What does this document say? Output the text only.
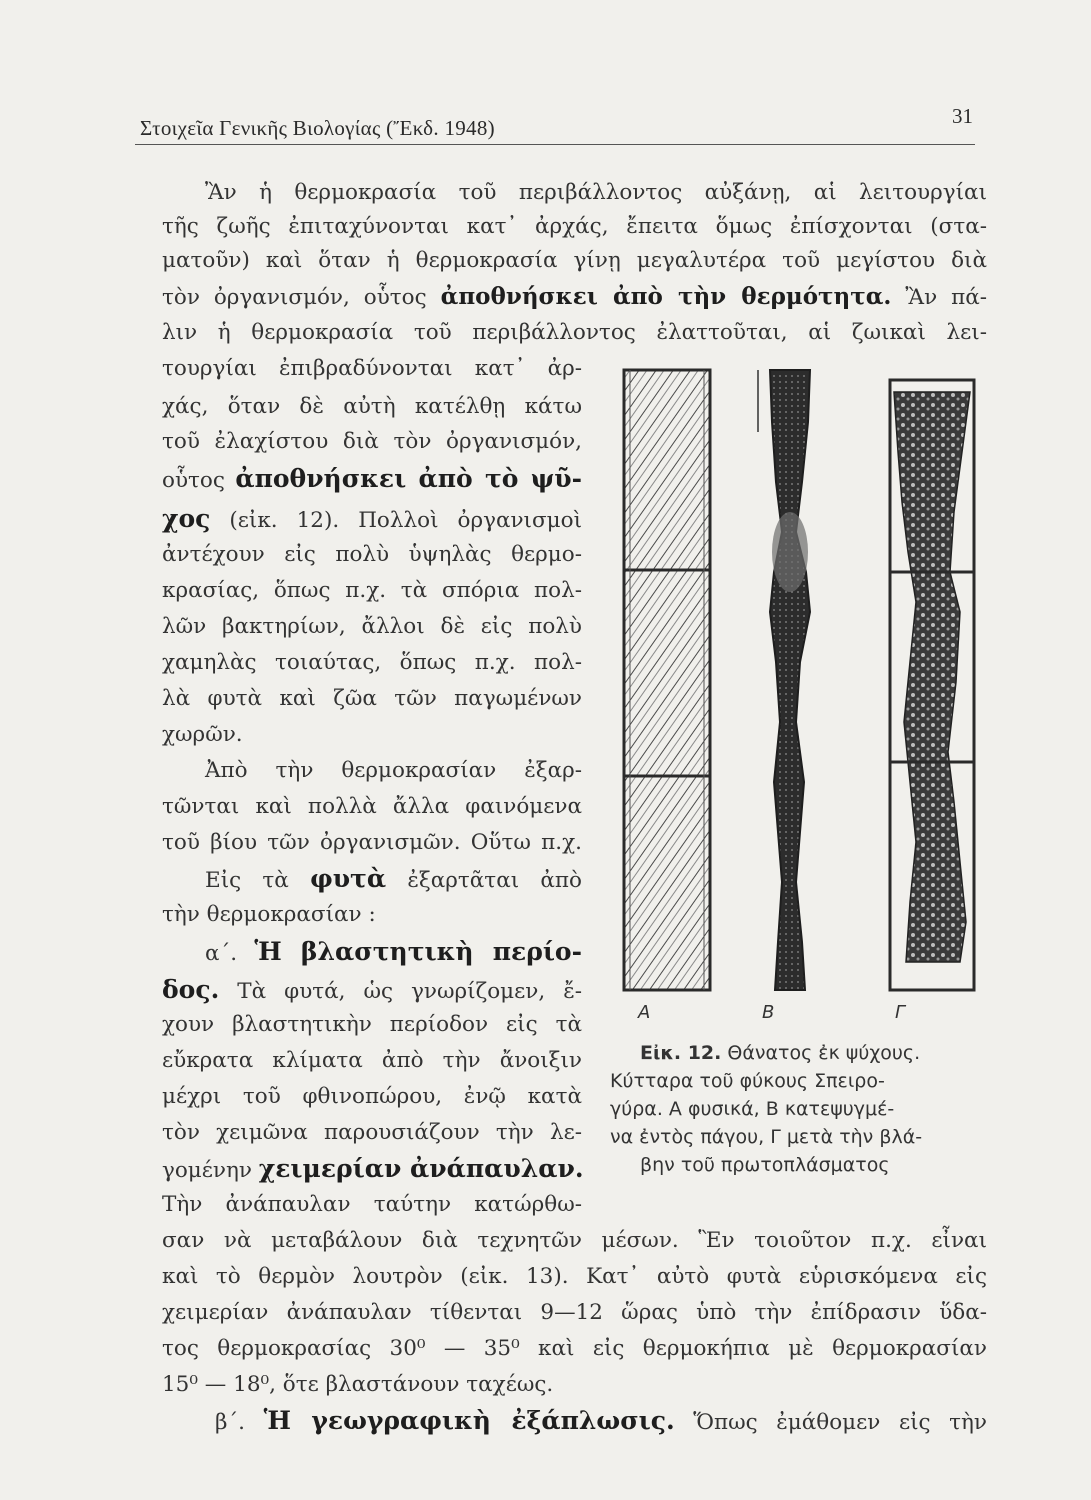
Στοιχεῖα Γενικῆς Βιολογίας (Ἔκδ. 1948)	31
Ἂν ἡ θερμοκρασία τοῦ περιβάλλοντος αὐξάνῃ, αἱ λειτουργίαι
τῆς ζωῆς ἐπιταχύνονται κατ᾽ ἀρχάς, ἔπειτα ὅμως ἐπίσχονται (στα-
ματοῦν) καὶ ὅταν ἡ θερμοκρασία γίνῃ μεγαλυτέρα τοῦ μεγίστου διὰ
τὸν ὀργανισμόν, οὗτος ἀποθνήσκει ἀπὸ τὴν θερμότητα. Ἂν πά-
λιν ἡ θερμοκρασία τοῦ περιβάλλοντος ἐλαττοῦται, αἱ ζωικαὶ λει-
τουργίαι ἐπιβραδύνονται κατ᾽ ἀρ-
χάς, ὅταν δὲ αὐτὴ κατέλθῃ κάτω
τοῦ ἐλαχίστου διὰ τὸν ὀργανισμόν,
οὗτος ἀποθνήσκει ἀπὸ τὸ ψῦ-
χος (εἰκ. 12). Πολλοὶ ὀργανισμοὶ
ἀντέχουν εἰς πολὺ ὑψηλὰς θερμο-
κρασίας, ὅπως π.χ. τὰ σπόρια πολ-
λῶν βακτηρίων, ἄλλοι δὲ εἰς πολὺ
χαμηλὰς τοιαύτας, ὅπως π.χ. πολ-
λὰ φυτὰ καὶ ζῶα τῶν παγωμένων
χωρῶν.
Ἀπὸ τὴν θερμοκρασίαν ἐξαρ-
τῶνται καὶ πολλὰ ἄλλα φαινόμενα
τοῦ βίου τῶν ὀργανισμῶν. Οὕτω π.χ.
Εἰς τὰ φυτὰ ἐξαρτᾶται ἀπὸ
τὴν θερμοκρασίαν :
α΄. Ἡ βλαστητικὴ περίο-
δος. Τὰ φυτά, ὡς γνωρίζομεν, ἔ-
χουν βλαστητικὴν περίοδον εἰς τὰ
εὔκρατα κλίματα ἀπὸ τὴν ἄνοιξιν
μέχρι τοῦ φθινοπώρου, ἐνῷ κατὰ
τὸν χειμῶνα παρουσιάζουν τὴν λε-
γομένην χειμερίαν ἀνάπαυλαν.
Τὴν ἀνάπαυλαν ταύτην κατώρθω-
σαν νὰ μεταβάλουν διὰ τεχνητῶν μέσων. Ἓν τοιοῦτον π.χ. εἶναι
καὶ τὸ θερμὸν λουτρὸν (εἰκ. 13). Κατ᾽ αὐτὸ φυτὰ εὑρισκόμενα εἰς
χειμερίαν ἀνάπαυλαν τίθενται 9—12 ὥρας ὑπὸ τὴν ἐπίδρασιν ὕδα-
τος θερμοκρασίας 30⁰ — 35⁰ καὶ εἰς θερμοκήπια μὲ θερμοκρασίαν
15⁰ — 18⁰, ὅτε βλαστάνουν ταχέως.
β΄. Ἡ γεωγραφικὴ ἐξάπλωσις. Ὅπως ἐμάθομεν εἰς τὴν
Α	Β	Γ
Εἰκ. 12. Θάνατος ἐκ ψύχους.
Κύτταρα τοῦ φύκους Σπειρο-
γύρα. Α φυσικά, Β κατεψυγμέ-
να ἐντὸς πάγου, Γ μετὰ τὴν βλά-
βην τοῦ πρωτοπλάσματος
